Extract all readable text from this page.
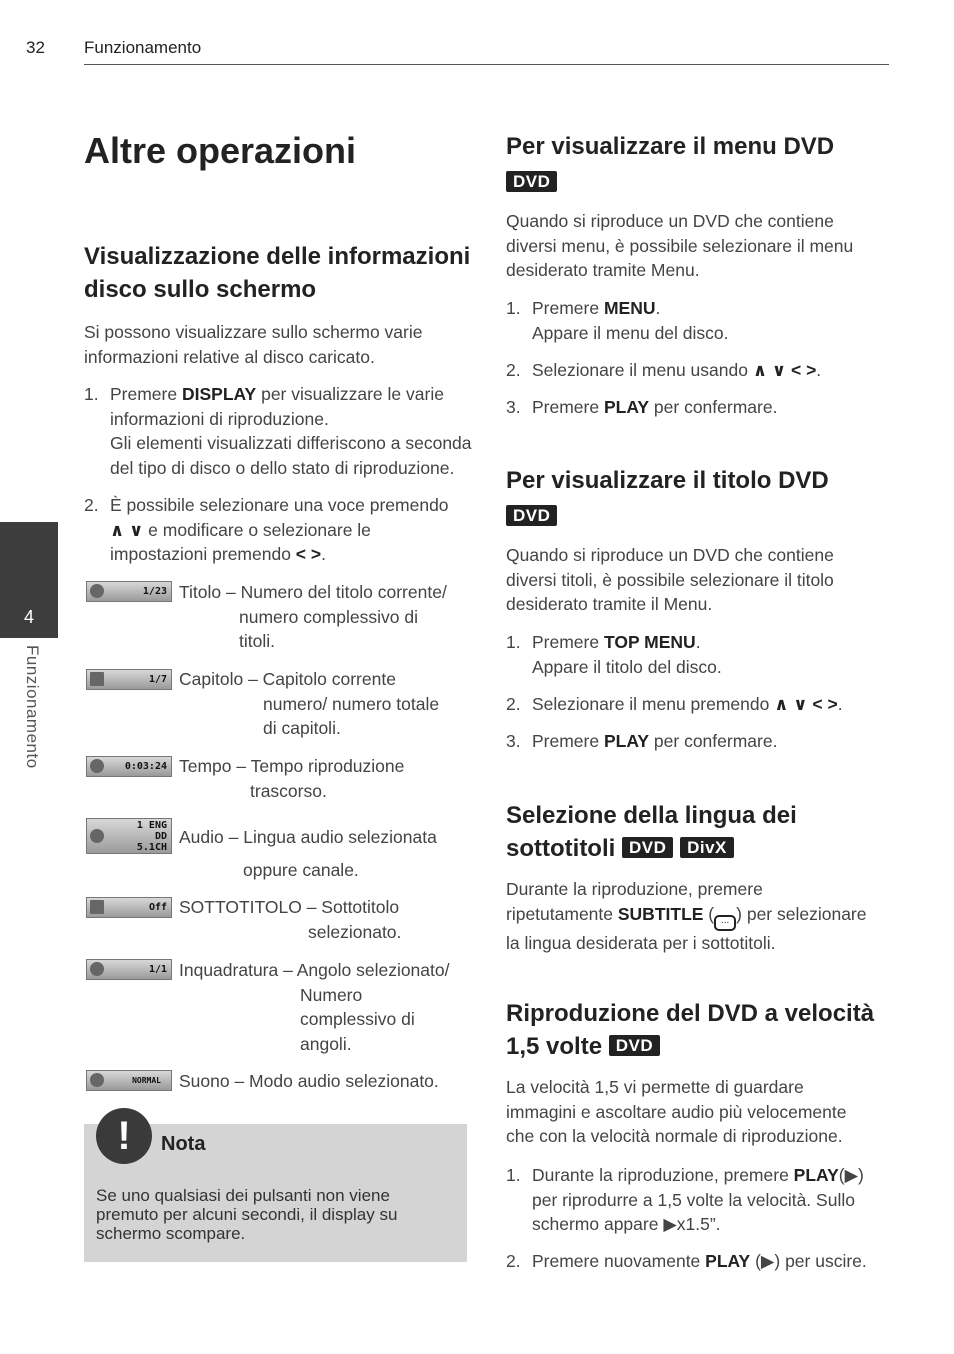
32 Funzionamento
4
Funzionamento
Altre operazioni
Visualizzazione delle informazioni
disco sullo schermo
Si possono visualizzare sullo schermo varie
informazioni relative al disco caricato.
1. Premere DISPLAY per visualizzare le varie
informazioni di riproduzione.
Gli elementi visualizzati differiscono a seconda
del tipo di disco o dello stato di riproduzione.
2. È possibile selezionare una voce premendo
∧ ∨ e modificare o selezionare le
impostazioni premendo < >.
1/23 Titolo – Numero del titolo corrente/
numero complessivo di
titoli.
1/7 Capitolo – Capitolo corrente
numero/ numero totale
di capitoli.
0:03:24 Tempo – Tempo riproduzione
trascorso.
1 ENG
DD
5.1CH
Audio – Lingua audio selezionata
oppure canale.
Off SOTTOTITOLO – Sottotitolo
selezionato.
1/1 Inquadratura – Angolo selezionato/
Numero
complessivo di
angoli.
NORMAL Suono – Modo audio selezionato.
!	Nota
Se uno qualsiasi dei pulsanti non viene
premuto per alcuni secondi, il display su
schermo scompare.
Per visualizzare il menu DVD
DVD
Quando si riproduce un DVD che contiene
diversi menu, è possibile selezionare il menu
desiderato tramite Menu.
1. Premere MENU.
Appare il menu del disco.
2. Selezionare il menu usando ∧ ∨ < >.
3. Premere PLAY per confermare.
Per visualizzare il titolo DVD
DVD
Quando si riproduce un DVD che contiene
diversi titoli, è possibile selezionare il titolo
desiderato tramite il Menu.
1. Premere TOP MENU.
Appare il titolo del disco.
2. Selezionare il menu premendo ∧ ∨ < >.
3. Premere PLAY per confermare.
Selezione della lingua dei
sottotitoli DVD DivX
Durante la riproduzione, premere
ripetutamente SUBTITLE ( ... ) per selezionare
la lingua desiderata per i sottotitoli.
Riproduzione del DVD a velocità
1,5 volte DVD
La velocità 1,5 vi permette di guardare
immagini e ascoltare audio più velocemente
che con la velocità normale di riproduzione.
1. Durante la riproduzione, premere PLAY(▶)
per riprodurre a 1,5 volte la velocità. Sullo
schermo appare ▶x1.5”.
2. Premere nuovamente PLAY (▶) per uscire.
